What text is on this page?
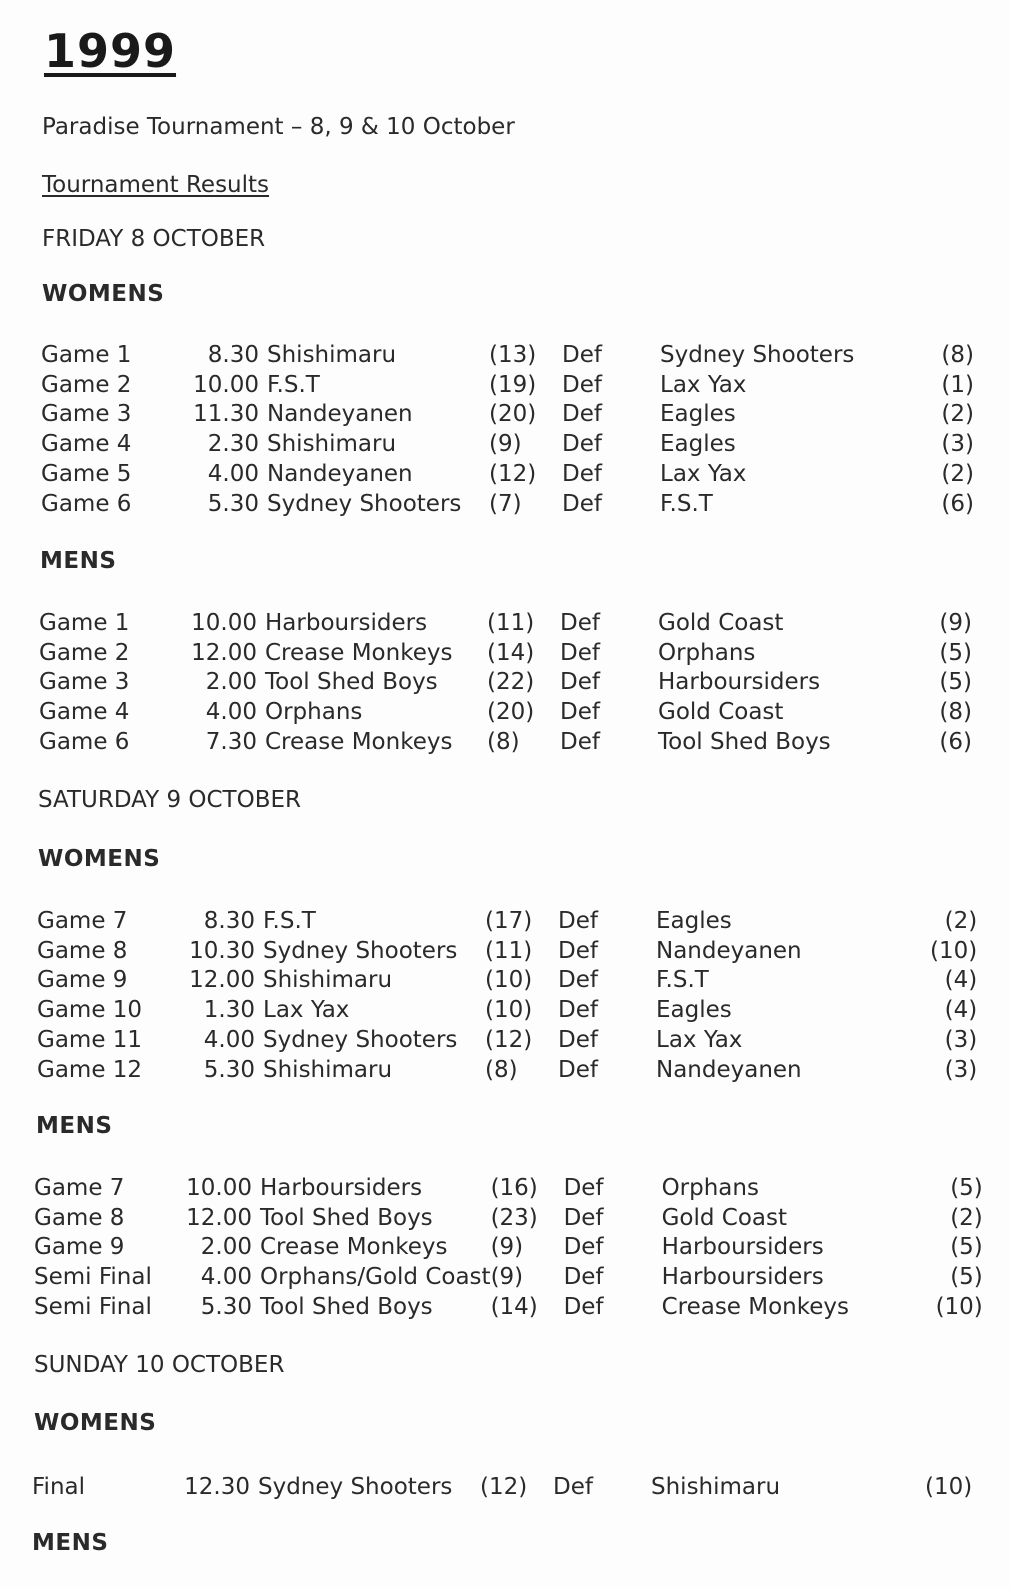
1999
Paradise Tournament – 8, 9 & 10 October
Tournament Results
FRIDAY 8 OCTOBER
WOMENS
Game 1	8.30	Shishimaru	(13)	Def	Sydney Shooters	(8)
Game 2	10.00	F.S.T	(19)	Def	Lax Yax	(1)
Game 3	11.30	Nandeyanen	(20)	Def	Eagles	(2)
Game 4	2.30	Shishimaru	(9)	Def	Eagles	(3)
Game 5	4.00	Nandeyanen	(12)	Def	Lax Yax	(2)
Game 6	5.30	Sydney Shooters	(7)	Def	F.S.T	(6)
MENS
Game 1	10.00	Harboursiders	(11)	Def	Gold Coast	(9)
Game 2	12.00	Crease Monkeys	(14)	Def	Orphans	(5)
Game 3	2.00	Tool Shed Boys	(22)	Def	Harboursiders	(5)
Game 4	4.00	Orphans	(20)	Def	Gold Coast	(8)
Game 6	7.30	Crease Monkeys	(8)	Def	Tool Shed Boys	(6)
SATURDAY 9 OCTOBER
WOMENS
Game 7	8.30	F.S.T	(17)	Def	Eagles	(2)
Game 8	10.30	Sydney Shooters	(11)	Def	Nandeyanen	(10)
Game 9	12.00	Shishimaru	(10)	Def	F.S.T	(4)
Game 10	1.30	Lax Yax	(10)	Def	Eagles	(4)
Game 11	4.00	Sydney Shooters	(12)	Def	Lax Yax	(3)
Game 12	5.30	Shishimaru	(8)	Def	Nandeyanen	(3)
MENS
Game 7	10.00	Harboursiders	(16)	Def	Orphans	(5)
Game 8	12.00	Tool Shed Boys	(23)	Def	Gold Coast	(2)
Game 9	2.00	Crease Monkeys	(9)	Def	Harboursiders	(5)
Semi Final	4.00	Orphans/Gold Coast	(9)	Def	Harboursiders	(5)
Semi Final	5.30	Tool Shed Boys	(14)	Def	Crease Monkeys	(10)
SUNDAY 10 OCTOBER
WOMENS
Final	12.30	Sydney Shooters	(12)	Def	Shishimaru	(10)
MENS
